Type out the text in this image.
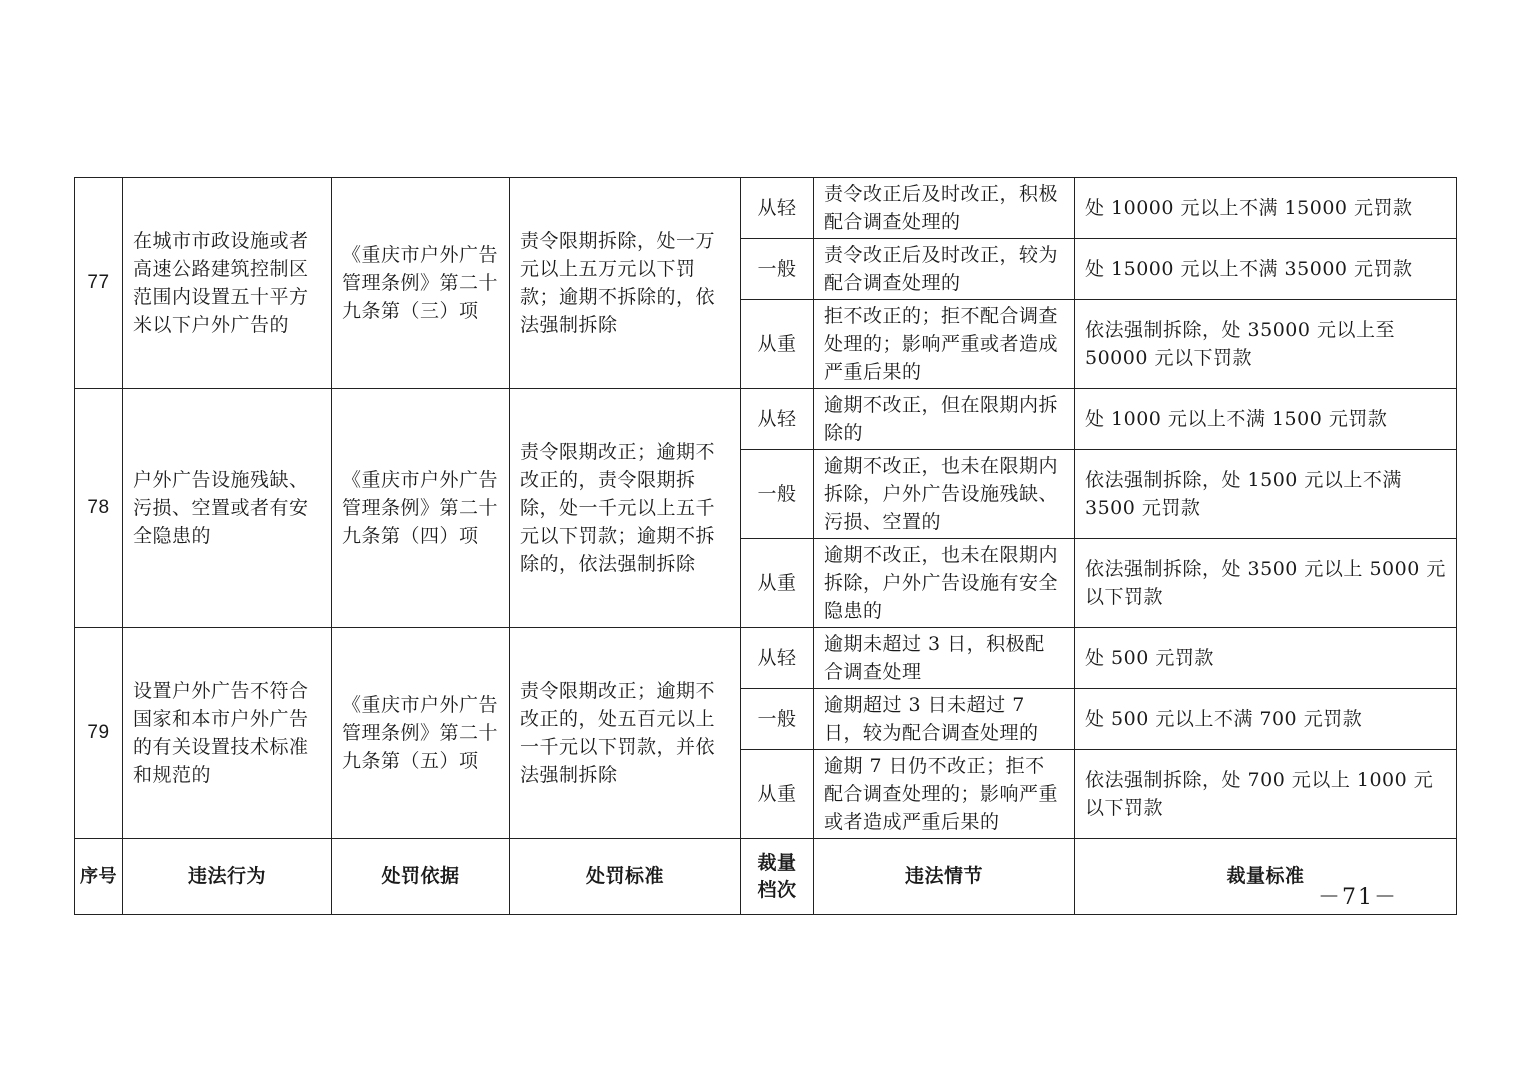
77	在城市市政设施或者高速公路建筑控制区范围内设置五十平方米以下户外广告的	《重庆市户外广告管理条例》第二十九条第（三）项	责令限期拆除，处一万元以上五万元以下罚款；逾期不拆除的，依法强制拆除	从轻	责令改正后及时改正，积极配合调查处理的	处 10000 元以上不满 15000 元罚款
				一般	责令改正后及时改正，较为配合调查处理的	处 15000 元以上不满 35000 元罚款
				从重	拒不改正的；拒不配合调查处理的；影响严重或者造成严重后果的	依法强制拆除，处 35000 元以上至 50000 元以下罚款
78	户外广告设施残缺、污损、空置或者有安全隐患的	《重庆市户外广告管理条例》第二十九条第（四）项	责令限期改正；逾期不改正的，责令限期拆除，处一千元以上五千元以下罚款；逾期不拆除的，依法强制拆除	从轻	逾期不改正，但在限期内拆除的	处 1000 元以上不满 1500 元罚款
				一般	逾期不改正，也未在限期内拆除，户外广告设施残缺、污损、空置的	依法强制拆除，处 1500 元以上不满 3500 元罚款
				从重	逾期不改正，也未在限期内拆除，户外广告设施有安全隐患的	依法强制拆除，处 3500 元以上 5000 元以下罚款
79	设置户外广告不符合国家和本市户外广告的有关设置技术标准和规范的	《重庆市户外广告管理条例》第二十九条第（五）项	责令限期改正；逾期不改正的，处五百元以上一千元以下罚款，并依法强制拆除	从轻	逾期未超过 3 日，积极配合调查处理	处 500 元罚款
				一般	逾期超过 3 日未超过 7 日，较为配合调查处理的	处 500 元以上不满 700 元罚款
				从重	逾期 7 日仍不改正；拒不配合调查处理的；影响严重或者造成严重后果的	依法强制拆除，处 700 元以上 1000 元以下罚款
序号	违法行为	处罚依据	处罚标准	裁量档次	违法情节	裁量标准
－71－
